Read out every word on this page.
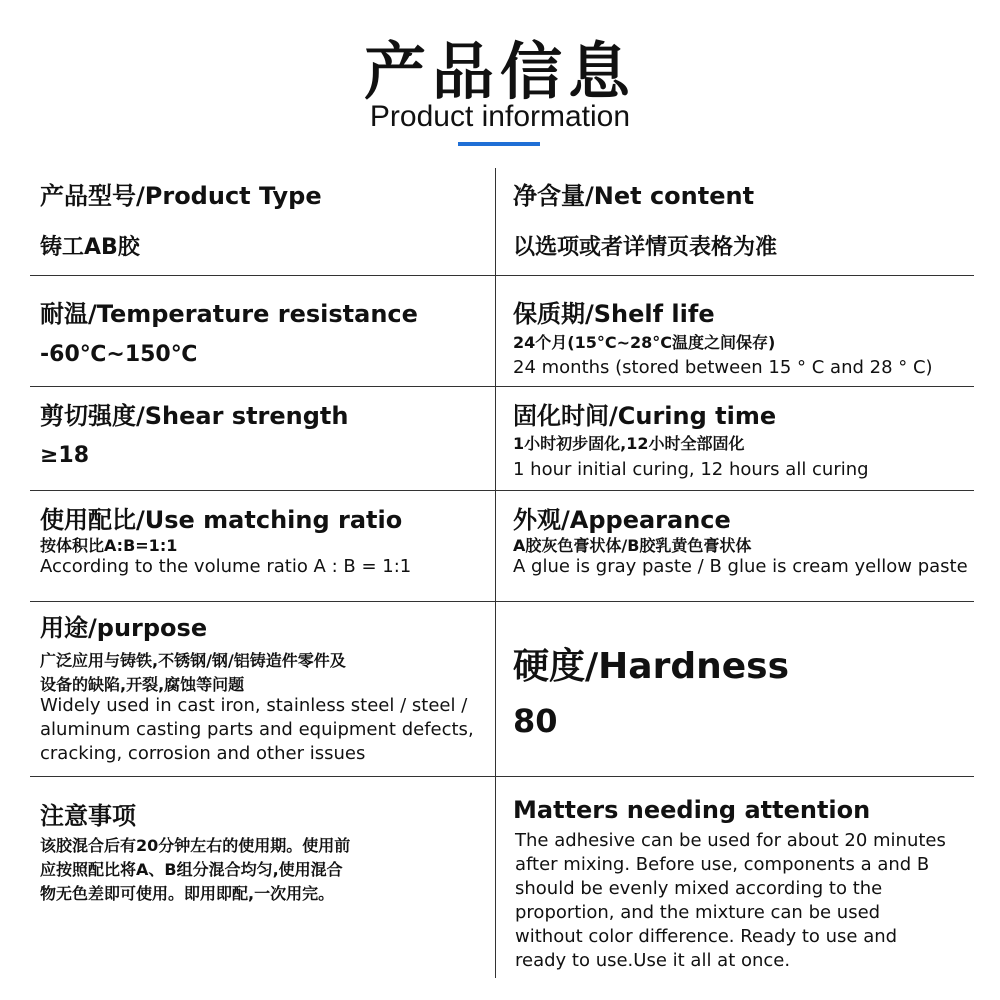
产品信息
Product information
产品型号/Product Type
铸工AB胶
净含量/Net content
以选项或者详情页表格为准
耐温/Temperature resistance
-60℃~150℃
保质期/Shelf life
24个月(15°C~28°C温度之间保存)
24 months (stored between 15 ° C and 28 ° C)
剪切强度/Shear strength
≥18
固化时间/Curing time
1小时初步固化,12小时全部固化
1 hour initial curing, 12 hours all curing
使用配比/Use matching ratio
按体积比A:B=1:1
According to the volume ratio A : B = 1:1
外观/Appearance
A胶灰色膏状体/B胶乳黄色膏状体
A glue is gray paste / B glue is cream yellow paste
用途/purpose
广泛应用与铸铁,不锈钢/钢/铝铸造件零件及
设备的缺陷,开裂,腐蚀等问题
Widely used in cast iron, stainless steel / steel /
aluminum casting parts and equipment defects,
cracking, corrosion and other issues
硬度/Hardness
80
注意事项
该胶混合后有20分钟左右的使用期。使用前
应按照配比将A、B组分混合均匀,使用混合
物无色差即可使用。即用即配,一次用完。
Matters needing attention
The adhesive can be used for about 20 minutes
after mixing. Before use, components a and B
should be evenly mixed according to the
proportion, and the mixture can be used
without color difference. Ready to use and
ready to use.Use it all at once.
